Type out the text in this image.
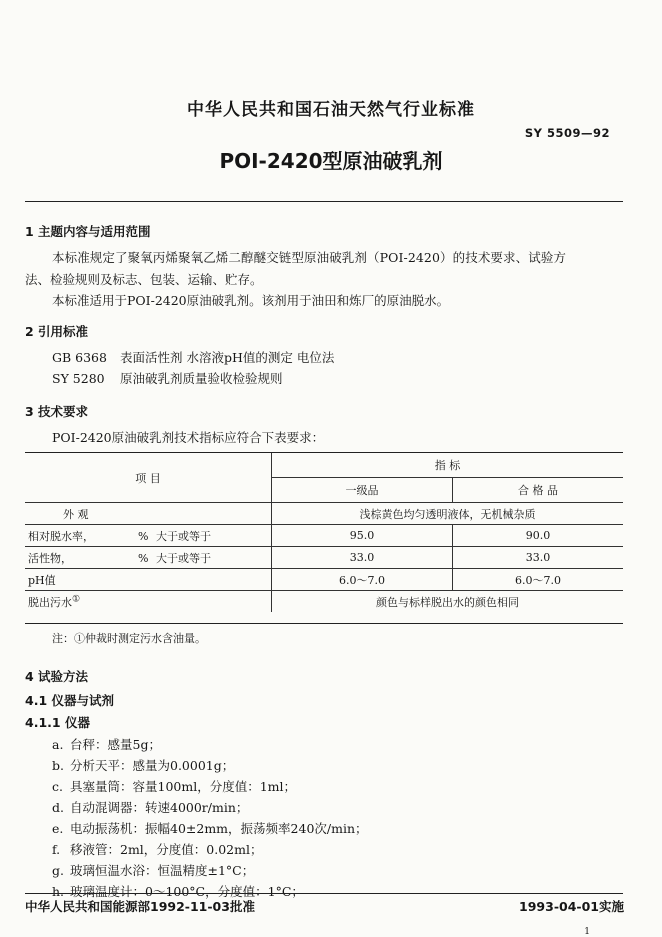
中华人民共和国石油天然气行业标准
SY 5509—92
POI-2420型原油破乳剂
1 主题内容与适用范围
本标准规定了聚氧丙烯聚氧乙烯二醇醚交链型原油破乳剂（POI-2420）的技术要求、试验方
法、检验规则及标志、包装、运输、贮存。
本标准适用于POI-2420原油破乳剂。该剂用于油田和炼厂的原油脱水。
2 引用标准
GB 6368 表面活性剂 水溶液pH值的测定 电位法
SY 5280 原油破乳剂质量验收检验规则
3 技术要求
POI-2420原油破乳剂技术指标应符合下表要求：
项 目	指 标	
	一级品	合 格 品
外 观	浅棕黄色均匀透明液体，无机械杂质	
相对脱水率， % 大于或等于	95.0	90.0
活性物， % 大于或等于	33.0	33.0
pH值	6.0～7.0	6.0～7.0
脱出污水①	颜色与标样脱出水的颜色相同	
注：①仲裁时测定污水含油量。
4 试验方法
4.1 仪器与试剂
4.1.1 仪器
a. 台秤：感量5g；
b. 分析天平：感量为0.0001g；
c. 具塞量筒：容量100ml，分度值：1ml；
d. 自动混调器：转速4000r/min；
e. 电动振荡机：振幅40±2mm，振荡频率240次/min；
f. 移液管：2ml，分度值：0.02ml；
g. 玻璃恒温水浴：恒温精度±1°C；
h. 玻璃温度计：0～100°C，分度值：1°C；
中华人民共和国能源部1992-11-03批准	1993-04-01实施
1
